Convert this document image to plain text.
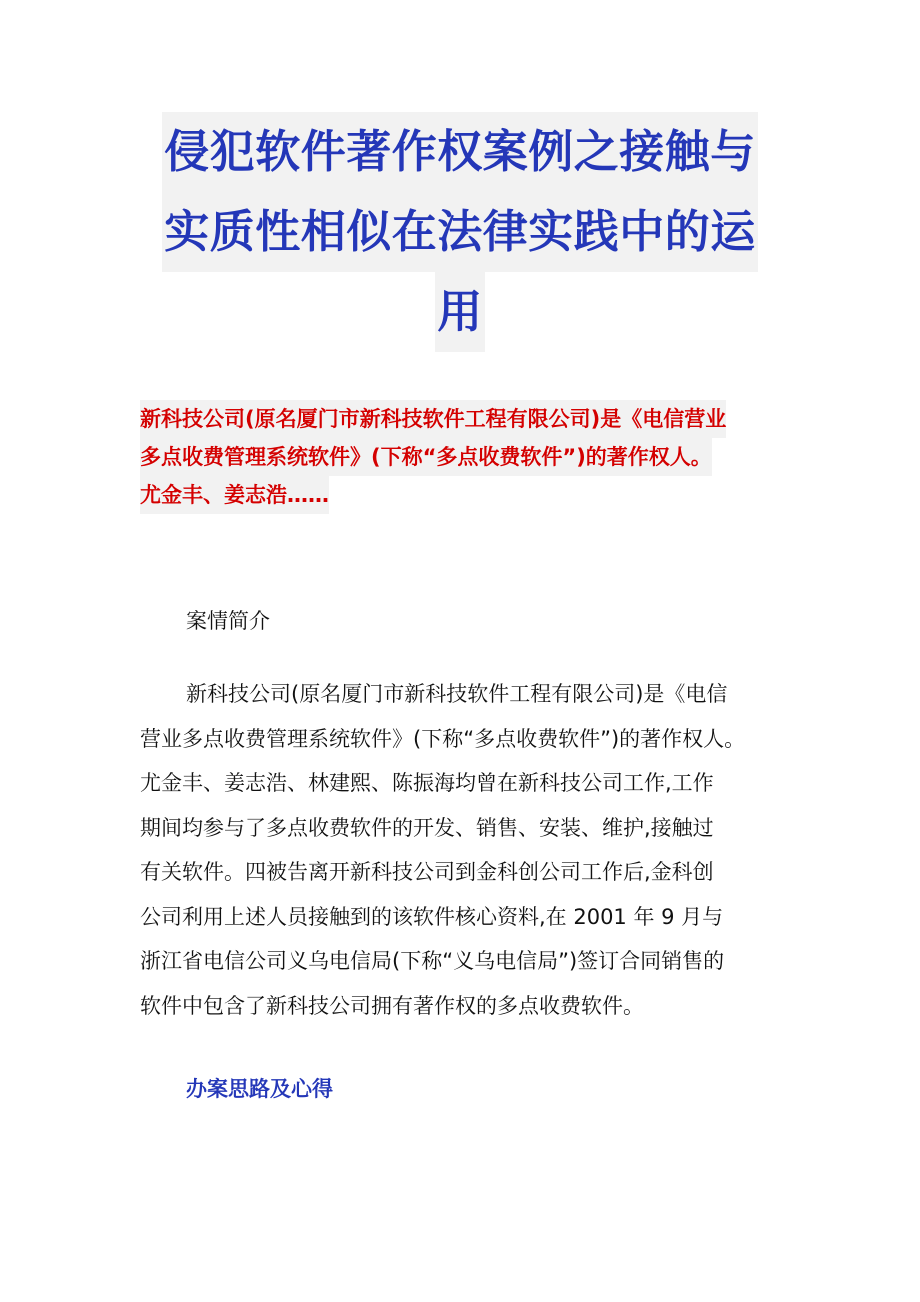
侵犯软件著作权案例之接触与
实质性相似在法律实践中的运
用
新科技公司(原名厦门市新科技软件工程有限公司)是《电信营业
多点收费管理系统软件》(下称“多点收费软件”)的著作权人。
尤金丰、姜志浩……
案情简介
新科技公司(原名厦门市新科技软件工程有限公司)是《电信
营业多点收费管理系统软件》(下称“多点收费软件”)的著作权人。
尤金丰、姜志浩、林建熙、陈振海均曾在新科技公司工作,工作
期间均参与了多点收费软件的开发、销售、安装、维护,接触过
有关软件。四被告离开新科技公司到金科创公司工作后,金科创
公司利用上述人员接触到的该软件核心资料,在 2001 年 9 月与
浙江省电信公司义乌电信局(下称“义乌电信局”)签订合同销售的
软件中包含了新科技公司拥有著作权的多点收费软件。
办案思路及心得
